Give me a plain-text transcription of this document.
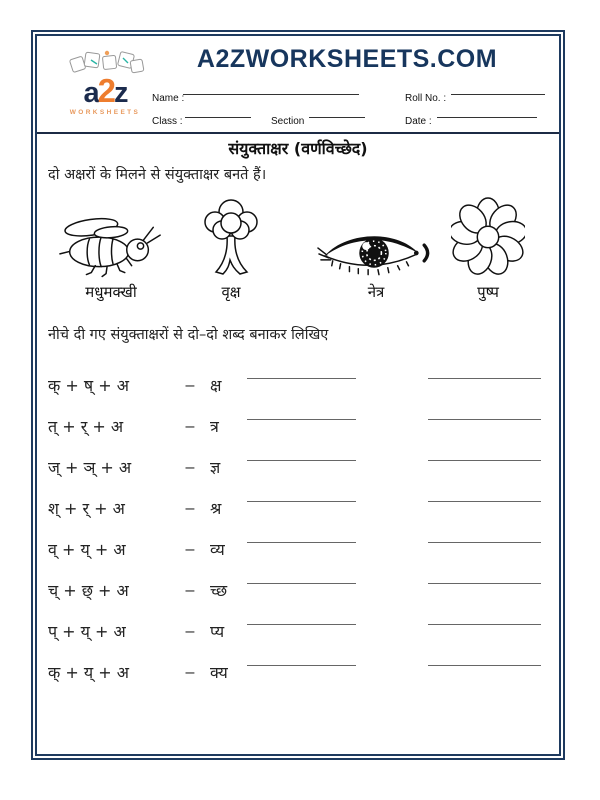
A2ZWORKSHEETS.COM
a2z
WORKSHEETS
Name :	Roll No. :
Class :	Section	Date :
संयुक्ताक्षर (वर्णविच्छेद)
दो अक्षरों के मिलने से संयुक्ताक्षर बनते हैं।
मधुमक्खी	वृक्ष	नेत्र	पुष्प
नीचे दी गए संयुक्ताक्षरों से दो–दो शब्द बनाकर लिखिए
क् + ष् + अ	– क्ष
त् + र् + अ	– त्र
ज् + ञ् + अ	– ज्ञ
श् + र् + अ	– श्र
व् + य् + अ	– व्य
च् + छ् + अ	– च्छ
प् + य् + अ	– प्य
क् + य् + अ	– क्य
